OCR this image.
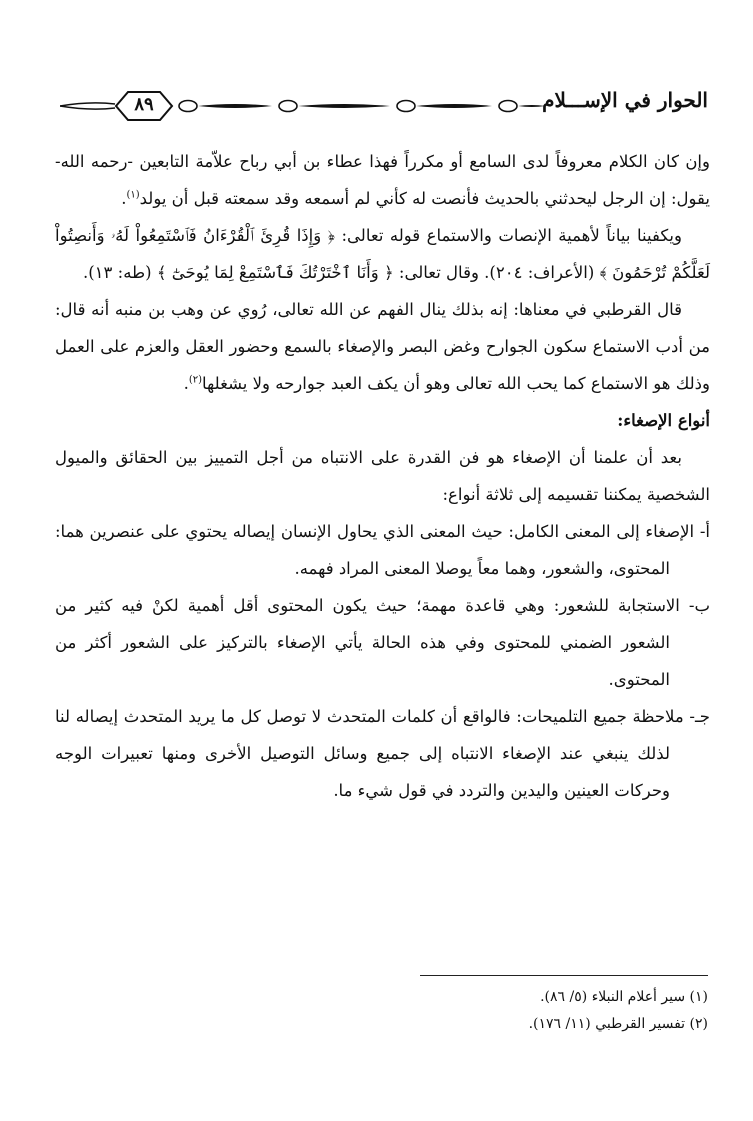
الحوار في الإســـلام
٨٩

وإن كان الكلام معروفاً لدى السامع أو مكرراً فهذا عطاء بن أبي رباح علاّمة التابعين -رحمه الله- يقول: إن الرجل ليحدثني بالحديث فأنصت له كأني لم أسمعه وقد سمعته قبل أن يولد$^{(١)}$.

ويكفينا بياناً لأهمية الإنصات والاستماع قوله تعالى: ﴿ وَإِذَا قُرِئَ ٱلْقُرْءَانُ فَٱسْتَمِعُواْ لَهُۥ وَأَنصِتُواْ لَعَلَّكُمْ تُرْحَمُونَ ﴾ (الأعراف: ٢٠٤). وقال تعالى: ﴿ وَأَنَا ٱخْتَرْتُكَ فَٱسْتَمِعْ لِمَا يُوحَىٰٓ ﴾ (طه: ١٣).

قال القرطبي في معناها: إنه بذلك ينال الفهم عن الله تعالى، رُوي عن وهب بن منبه أنه قال: من أدب الاستماع سكون الجوارح وغض البصر والإصغاء بالسمع وحضور العقل والعزم على العمل وذلك هو الاستماع كما يحب الله تعالى وهو أن يكف العبد جوارحه ولا يشغلها$^{(٢)}$.

أنواع الإصغاء:

بعد أن علمنا أن الإصغاء هو فن القدرة على الانتباه من أجل التمييز بين الحقائق والميول الشخصية يمكننا تقسيمه إلى ثلاثة أنواع:

أ- الإصغاء إلى المعنى الكامل: حيث المعنى الذي يحاول الإنسان إيصاله يحتوي على عنصرين هما: المحتوى، والشعور، وهما معاً يوصلا المعنى المراد فهمه.

ب- الاستجابة للشعور: وهي قاعدة مهمة؛ حيث يكون المحتوى أقل أهمية لكنْ فيه كثير من الشعور الضمني للمحتوى وفي هذه الحالة يأتي الإصغاء بالتركيز على الشعور أكثر من المحتوى.

جـ- ملاحظة جميع التلميحات: فالواقع أن كلمات المتحدث لا توصل كل ما يريد المتحدث إيصاله لنا لذلك ينبغي عند الإصغاء الانتباه إلى جميع وسائل التوصيل الأخرى ومنها تعبيرات الوجه وحركات العينين واليدين والتردد في قول شيء ما.

(١) سير أعلام النبلاء (٥/ ٨٦).

(٢) تفسير القرطبي (١١/ ١٧٦).
